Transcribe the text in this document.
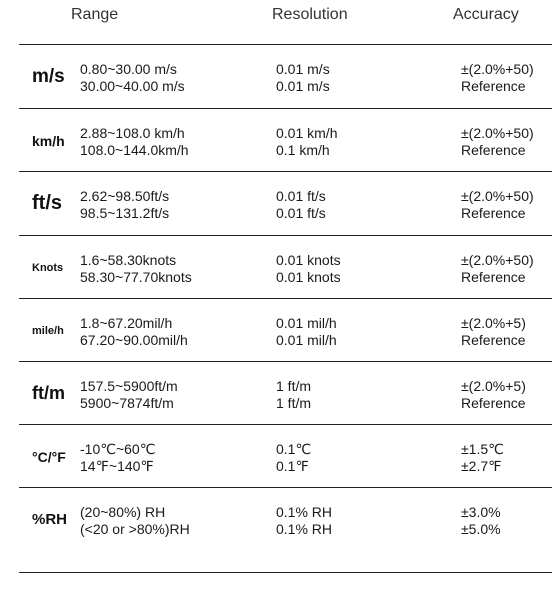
Range	Resolution	Accuracy
m/s 0.80~30.00 m/s
30.00~40.00 m/s
0.01 m/s
0.01 m/s
±(2.0%+50)
Reference
km/h 2.88~108.0 km/h
108.0~144.0km/h
0.01 km/h
0.1 km/h
±(2.0%+50)
Reference
ft/s 2.62~98.50ft/s
98.5~131.2ft/s
0.01 ft/s
0.01 ft/s
±(2.0%+50)
Reference
Knots 1.6~58.30knots
58.30~77.70knots
0.01 knots
0.01 knots
±(2.0%+50)
Reference
mile/h 1.8~67.20mil/h
67.20~90.00mil/h
0.01 mil/h
0.01 mil/h
±(2.0%+5)
Reference
ft/m 157.5~5900ft/m
5900~7874ft/m
1 ft/m
1 ft/m
±(2.0%+5)
Reference
°C/°F -10℃~60℃
14℉~140℉
0.1℃
0.1℉
±1.5℃
±2.7℉
%RH (20~80%) RH
(<20 or >80%)RH
0.1% RH
0.1% RH
±3.0%
±5.0%
